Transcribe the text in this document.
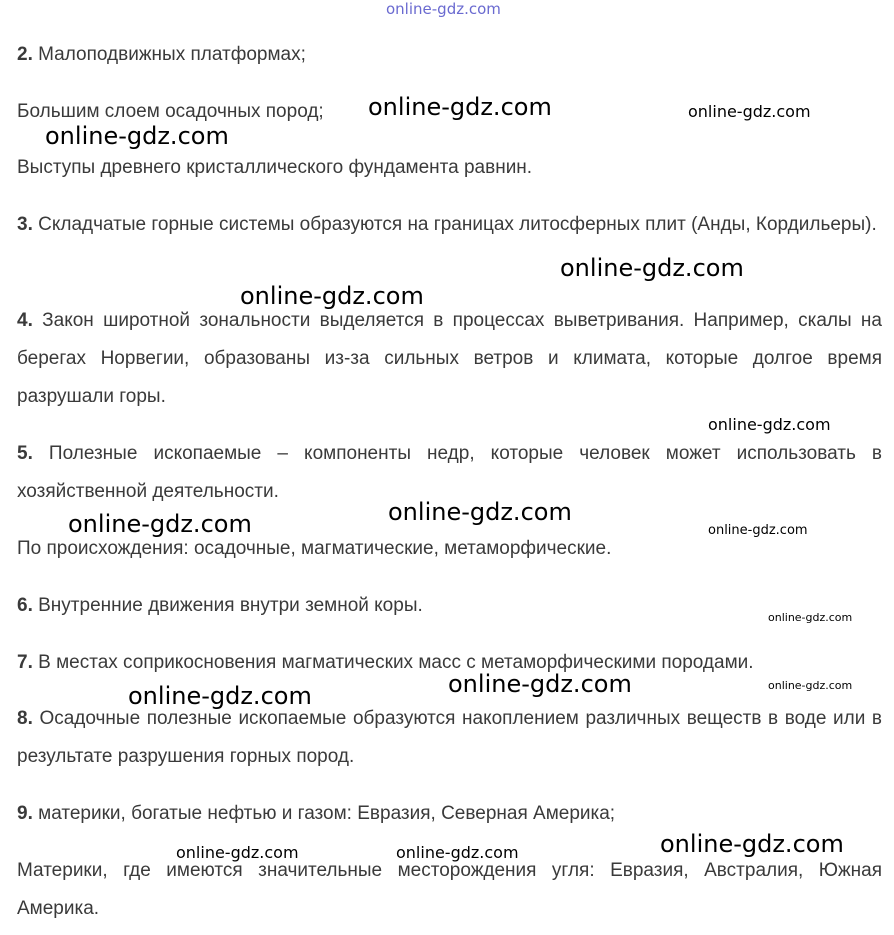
online-gdz.com

2. Малоподвижных платформах;

Большим слоем осадочных пород;

Выступы древнего кристаллического фундамента равнин.

3. Складчатые горные системы образуются на границах литосферных плит (Анды, Кордильеры).

4. Закон широтной зональности выделяется в процессах выветривания. Например, скалы на берегах Норвегии, образованы из-за сильных ветров и климата, которые долгое время разрушали горы.

5. Полезные ископаемые – компоненты недр, которые человек может использовать в хозяйственной деятельности.

По происхождения: осадочные, магматические, метаморфические.

6. Внутренние движения внутри земной коры.

7. В местах соприкосновения магматических масс с метаморфическими породами.

8. Осадочные полезные ископаемые образуются накоплением различных веществ в воде или в результате разрушения горных пород.

9. материки, богатые нефтью и газом: Евразия, Северная Америка;

Материки, где имеются значительные месторождения угля: Евразия, Австралия, Южная Америка.

online-gdz.com	online-gdz.com
online-gdz.com
online-gdz.com
online-gdz.com
online-gdz.com
online-gdz.com
online-gdz.com	online-gdz.com
online-gdz.com
online-gdz.com	online-gdz.com
online-gdz.com
online-gdz.com
online-gdz.com	online-gdz.com
